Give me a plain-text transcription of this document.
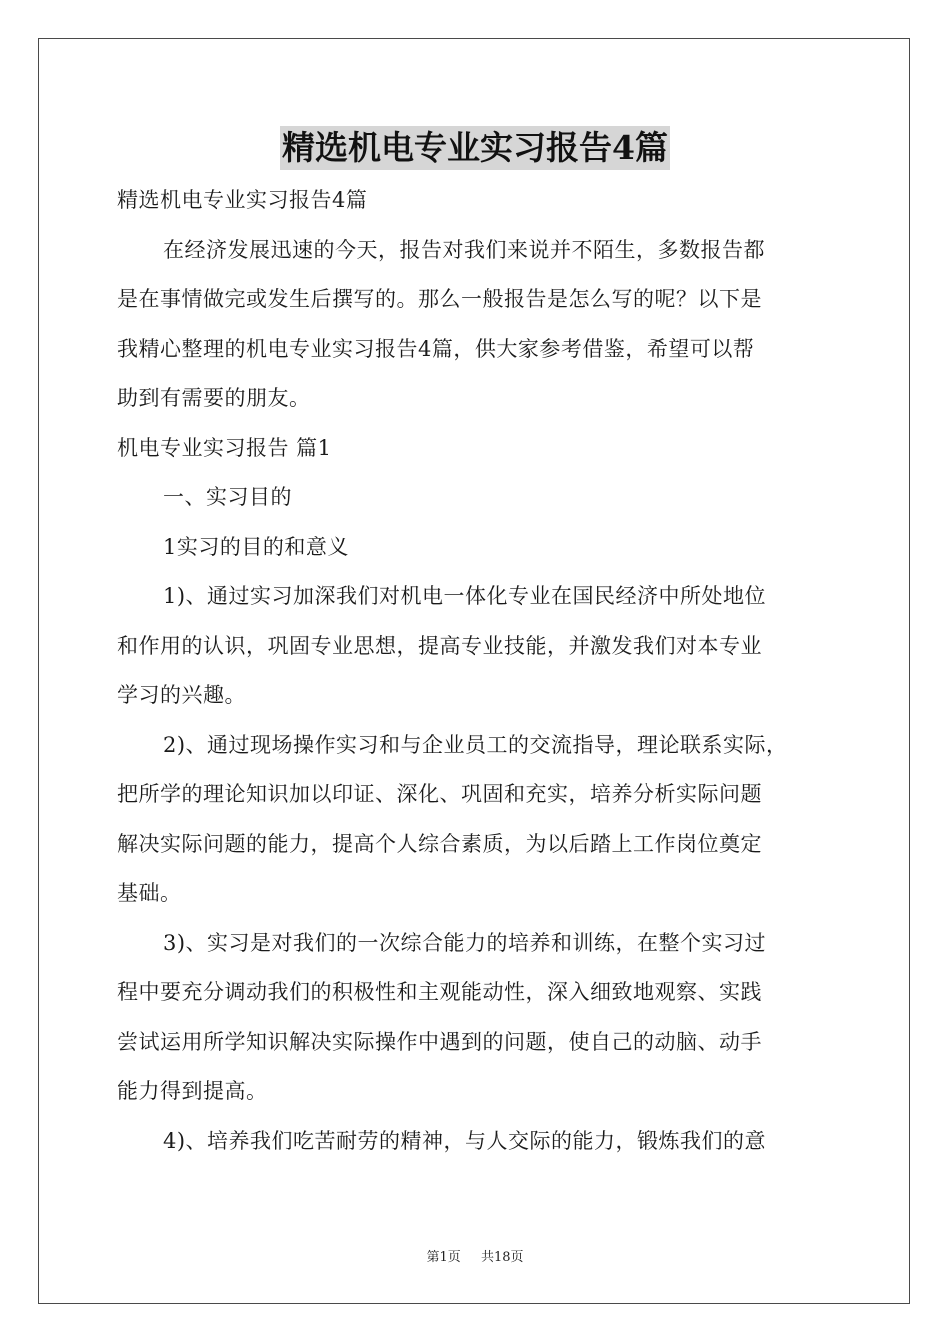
精选机电专业实习报告4篇

精选机电专业实习报告4篇

在经济发展迅速的今天，报告对我们来说并不陌生，多数报告都

是在事情做完或发生后撰写的。那么一般报告是怎么写的呢？以下是

我精心整理的机电专业实习报告4篇，供大家参考借鉴，希望可以帮

助到有需要的朋友。

机电专业实习报告 篇1

一、实习目的

1实习的目的和意义

1)、通过实习加深我们对机电一体化专业在国民经济中所处地位

和作用的认识，巩固专业思想，提高专业技能，并激发我们对本专业

学习的兴趣。

2)、通过现场操作实习和与企业员工的交流指导，理论联系实际，

把所学的理论知识加以印证、深化、巩固和充实，培养分析实际问题

解决实际问题的能力，提高个人综合素质，为以后踏上工作岗位奠定

基础。

3)、实习是对我们的一次综合能力的培养和训练，在整个实习过

程中要充分调动我们的积极性和主观能动性，深入细致地观察、实践

尝试运用所学知识解决实际操作中遇到的问题，使自己的动脑、动手

能力得到提高。

4)、培养我们吃苦耐劳的精神，与人交际的能力，锻炼我们的意

第1页 共18页
